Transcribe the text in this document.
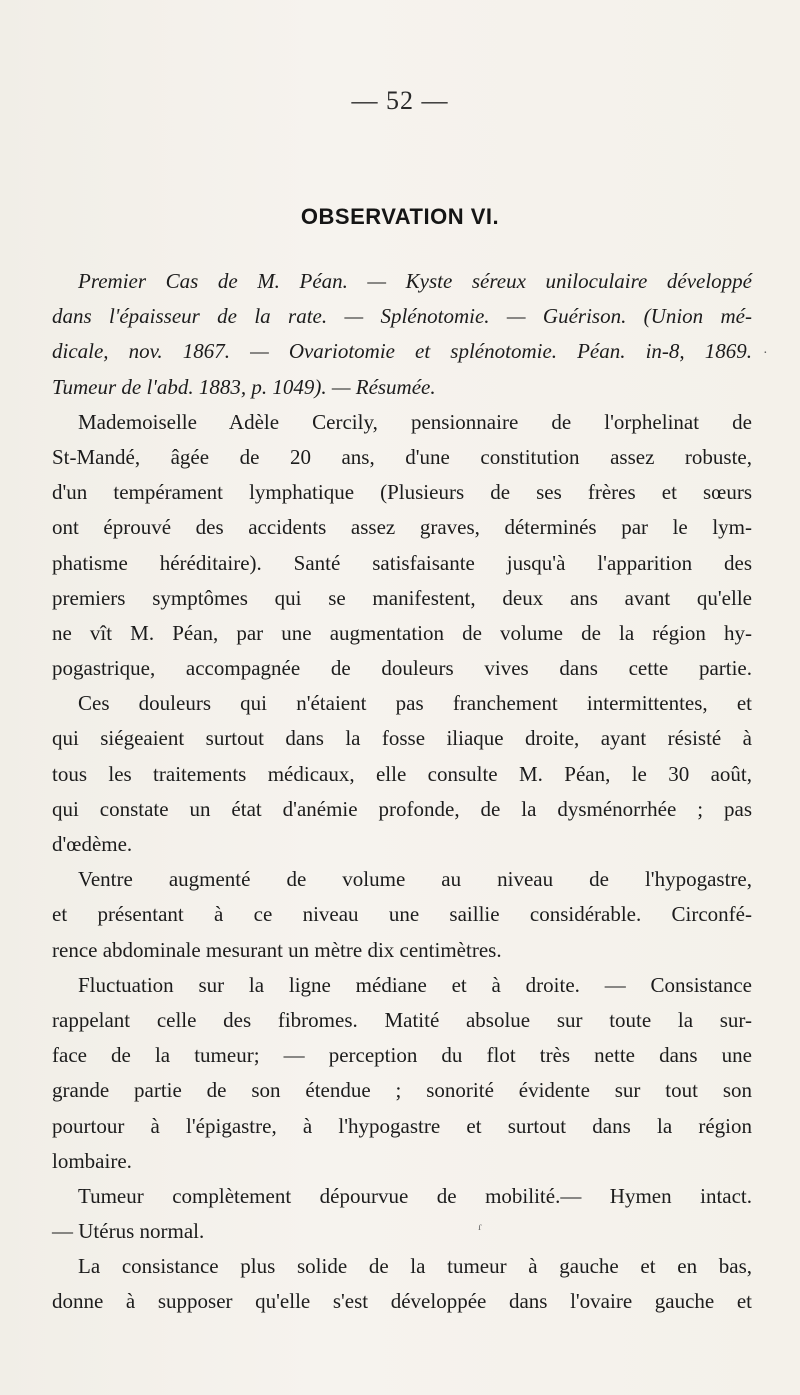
— 52 —
OBSERVATION VI.
·
Premier Cas de M. Péan. — Kyste séreux uniloculaire développé
dans l'épaisseur de la rate. — Splénotomie. — Guérison. (Union mé-
dicale, nov. 1867. — Ovariotomie et splénotomie. Péan. in-8, 1869.
Tumeur de l'abd. 1883, p. 1049). — Résumée.
Mademoiselle Adèle Cercily, pensionnaire de l'orphelinat de
St-Mandé, âgée de 20 ans, d'une constitution assez robuste,
d'un tempérament lymphatique (Plusieurs de ses frères et sœurs
ont éprouvé des accidents assez graves, déterminés par le lym-
phatisme héréditaire). Santé satisfaisante jusqu'à l'apparition des
premiers symptômes qui se manifestent, deux ans avant qu'elle
ne vît M. Péan, par une augmentation de volume de la région hy-
pogastrique, accompagnée de douleurs vives dans cette partie.
Ces douleurs qui n'étaient pas franchement intermittentes, et
qui siégeaient surtout dans la fosse iliaque droite, ayant résisté à
tous les traitements médicaux, elle consulte M. Péan, le 30 août,
qui constate un état d'anémie profonde, de la dysménorrhée ; pas
d'œdème.
Ventre augmenté de volume au niveau de l'hypogastre,
et présentant à ce niveau une saillie considérable. Circonfé-
rence abdominale mesurant un mètre dix centimètres.
Fluctuation sur la ligne médiane et à droite. — Consistance
rappelant celle des fibromes. Matité absolue sur toute la sur-
face de la tumeur; — perception du flot très nette dans une
grande partie de son étendue ; sonorité évidente sur tout son
pourtour à l'épigastre, à l'hypogastre et surtout dans la région
lombaire.
Tumeur complètement dépourvue de mobilité.— Hymen intact.
— Utérus normal.
La consistance plus solide de la tumeur à gauche et en bas,
donne à supposer qu'elle s'est développée dans l'ovaire gauche et
ɾ
